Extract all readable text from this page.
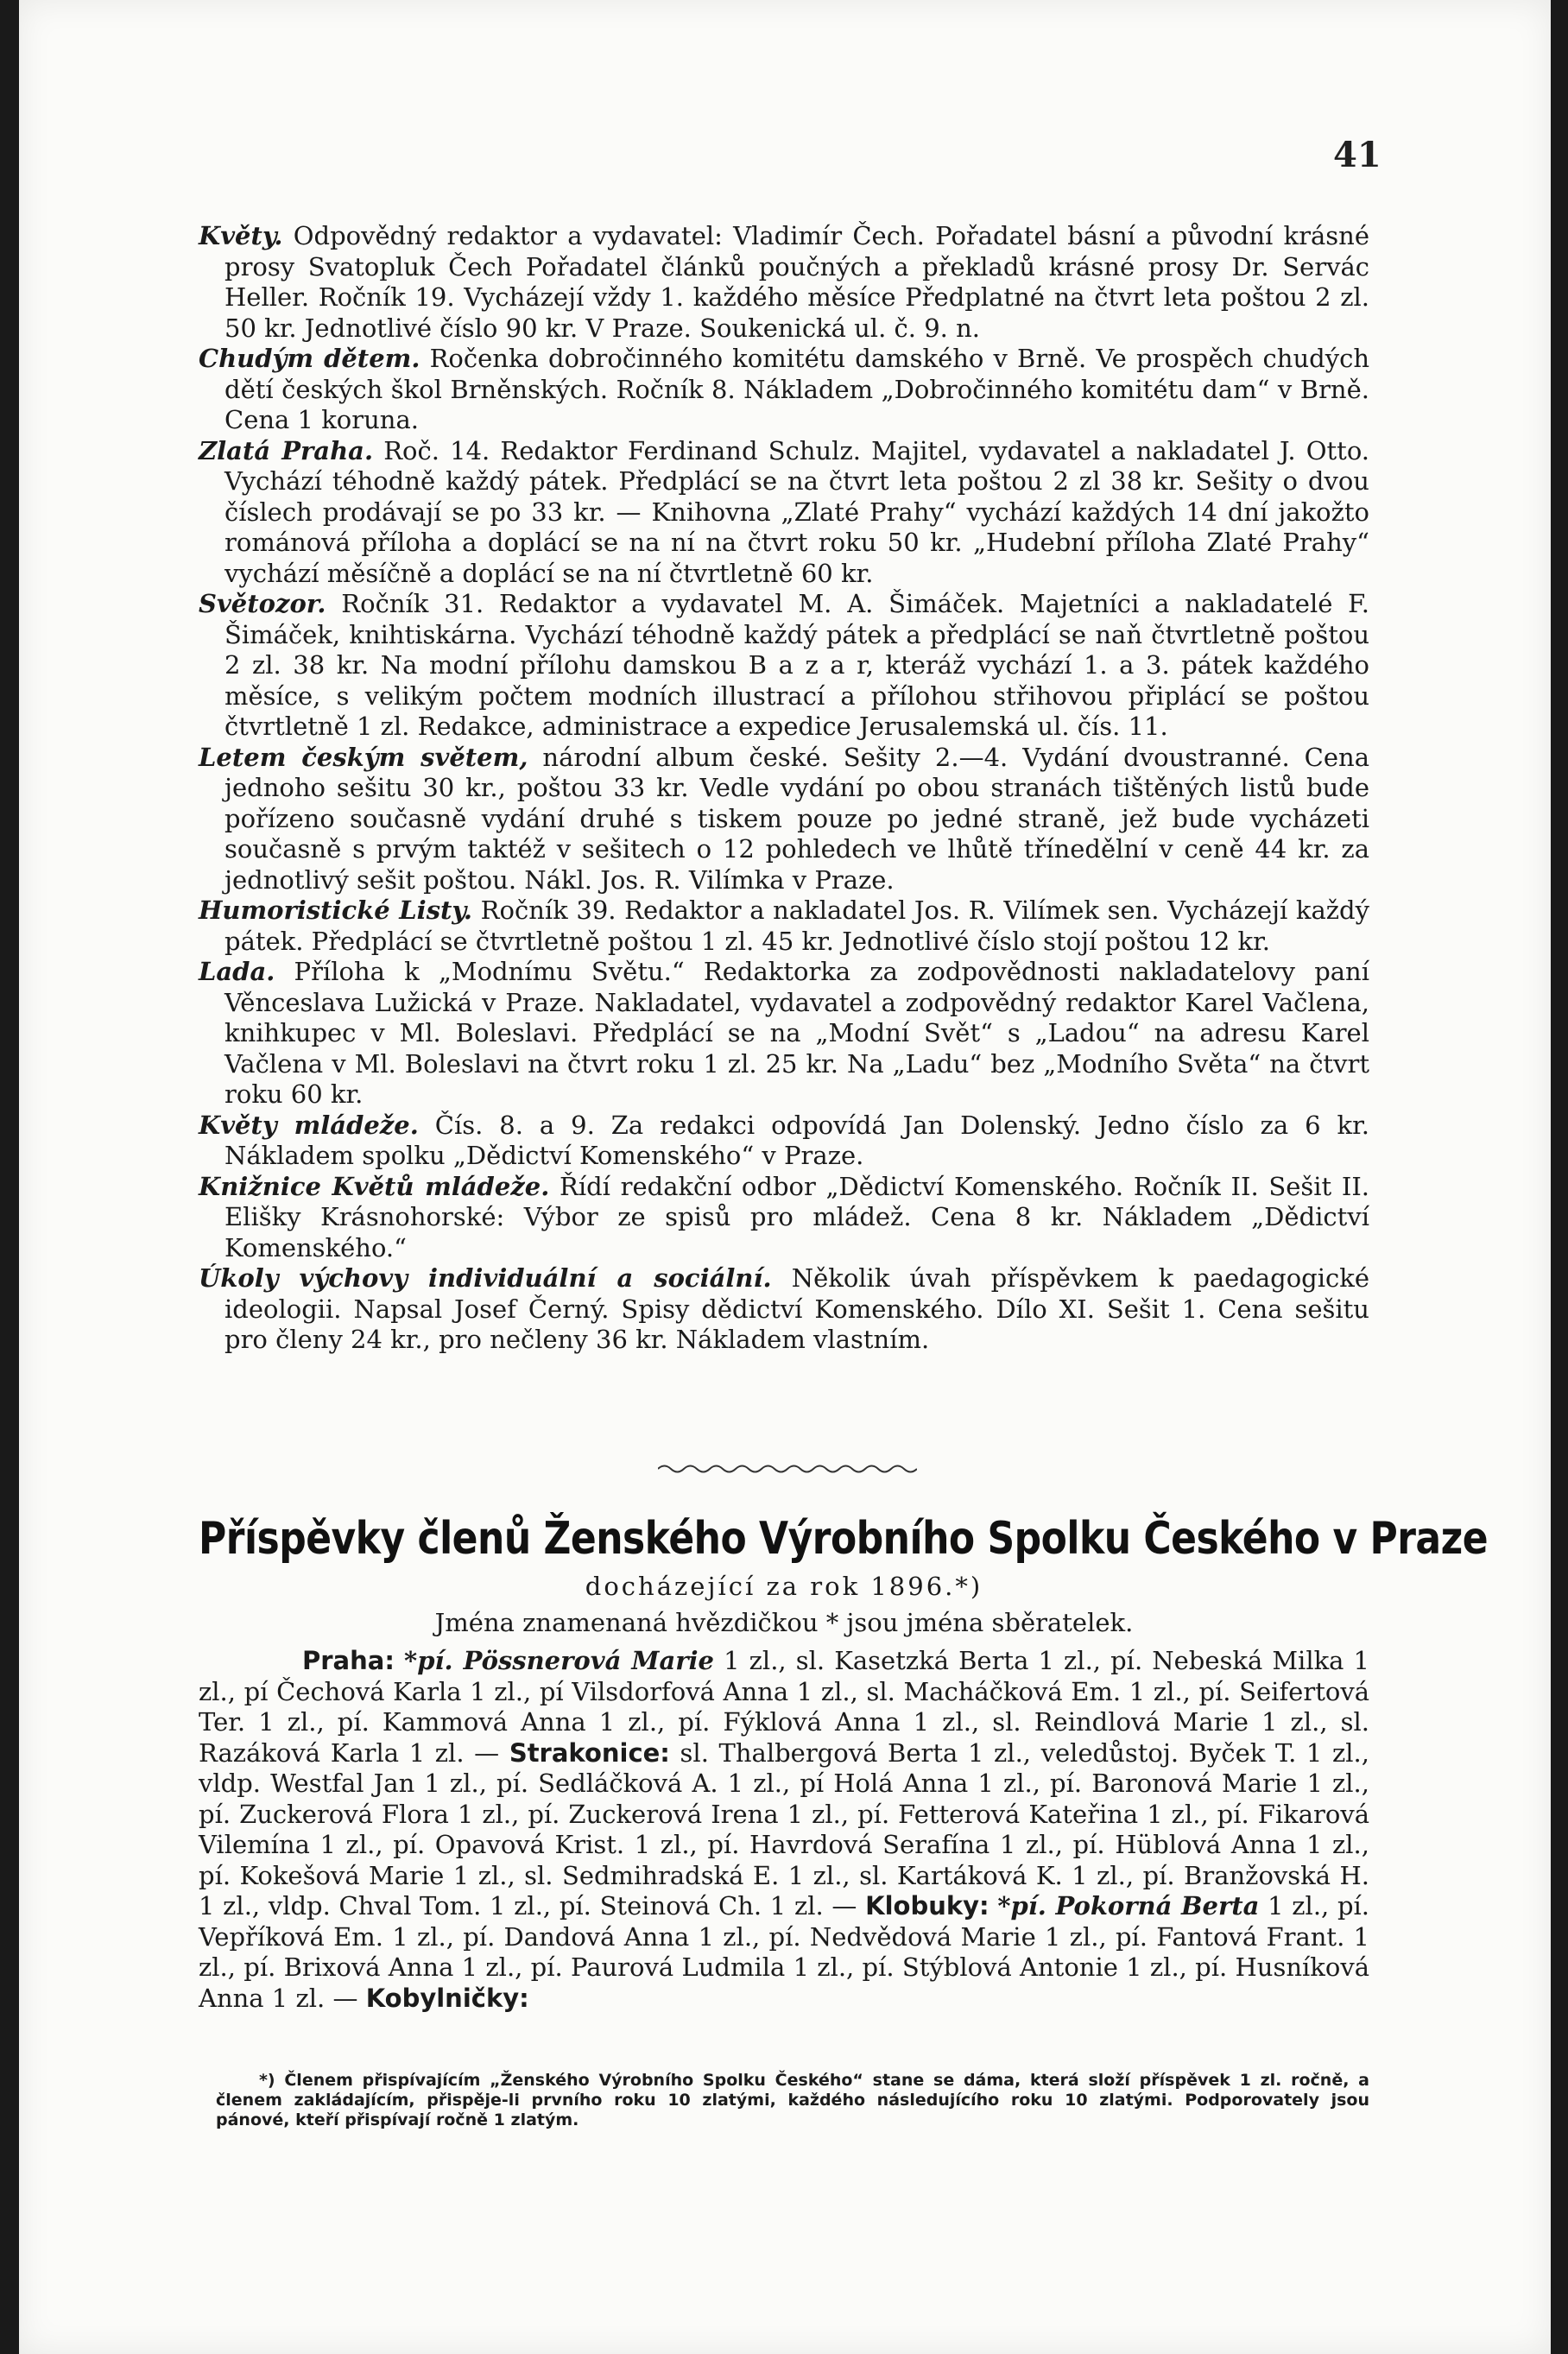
41

Květy. Odpovědný redaktor a vydavatel: Vladimír Čech. Pořadatel básní a původní krásné prosy Svatopluk Čech Pořadatel článků poučných a překladů krásné prosy Dr. Servác Heller. Ročník 19. Vycházejí vždy 1. každého měsíce Předplatné na čtvrt leta poštou 2 zl. 50 kr. Jednotlivé číslo 90 kr. V Praze. Soukenická ul. č. 9. n.

Chudým dětem. Ročenka dobročinného komitétu damského v Brně. Ve prospěch chudých dětí českých škol Brněnských. Ročník 8. Nákladem „Dobročinného komitétu dam“ v Brně. Cena 1 koruna.

Zlatá Praha. Roč. 14. Redaktor Ferdinand Schulz. Majitel, vydavatel a nakladatel J. Otto. Vychází téhodně každý pátek. Předplácí se na čtvrt leta poštou 2 zl 38 kr. Sešity o dvou číslech prodávají se po 33 kr. — Knihovna „Zlaté Prahy“ vychází každých 14 dní jakožto románová příloha a doplácí se na ní na čtvrt roku 50 kr. „Hudební příloha Zlaté Prahy“ vychází měsíčně a doplácí se na ní čtvrtletně 60 kr.

Světozor. Ročník 31. Redaktor a vydavatel M. A. Šimáček. Majetníci a nakladatelé F. Šimáček, knihtiskárna. Vychází téhodně každý pátek a předplácí se naň čtvrtletně poštou 2 zl. 38 kr. Na modní přílohu damskou B a z a r, kteráž vychází 1. a 3. pátek každého měsíce, s velikým počtem modních illustrací a přílohou střihovou připlácí se poštou čtvrtletně 1 zl. Redakce, administrace a expedice Jerusalemská ul. čís. 11.

Letem českým světem, národní album české. Sešity 2.—4. Vydání dvoustranné. Cena jednoho sešitu 30 kr., poštou 33 kr. Vedle vydání po obou stranách tištěných listů bude pořízeno současně vydání druhé s tiskem pouze po jedné straně, jež bude vycházeti současně s prvým taktéž v sešitech o 12 pohledech ve lhůtě třínedělní v ceně 44 kr. za jednotlivý sešit poštou. Nákl. Jos. R. Vilímka v Praze.

Humoristické Listy. Ročník 39. Redaktor a nakladatel Jos. R. Vilímek sen. Vycházejí každý pátek. Předplácí se čtvrtletně poštou 1 zl. 45 kr. Jednotlivé číslo stojí poštou 12 kr.

Lada. Příloha k „Modnímu Světu.“ Redaktorka za zodpovědnosti nakladatelovy paní Věnceslava Lužická v Praze. Nakladatel, vydavatel a zodpovědný redaktor Karel Vačlena, knihkupec v Ml. Boleslavi. Předplácí se na „Modní Svět“ s „Ladou“ na adresu Karel Vačlena v Ml. Boleslavi na čtvrt roku 1 zl. 25 kr. Na „Ladu“ bez „Modního Světa“ na čtvrt roku 60 kr.

Květy mládeže. Čís. 8. a 9. Za redakci odpovídá Jan Dolenský. Jedno číslo za 6 kr. Nákladem spolku „Dědictví Komenského“ v Praze.

Knižnice Květů mládeže. Řídí redakční odbor „Dědictví Komenského. Ročník II. Sešit II. Elišky Krásnohorské: Výbor ze spisů pro mládež. Cena 8 kr. Nákladem „Dědictví Komenského.“

Úkoly výchovy individuální a sociální. Několik úvah příspěvkem k paedagogické ideologii. Napsal Josef Černý. Spisy dědictví Komenského. Dílo XI. Sešit 1. Cena sešitu pro členy 24 kr., pro nečleny 36 kr. Nákladem vlastním.

Příspěvky členů Ženského Výrobního Spolku Českého v Praze
docházející za rok 1896.*)
Jména znamenaná hvězdičkou * jsou jména sběratelek.

Praha: *pí. Pössnerová Marie 1 zl., sl. Kasetzká Berta 1 zl., pí. Nebeská Milka 1 zl., pí Čechová Karla 1 zl., pí Vilsdorfová Anna 1 zl., sl. Macháčková Em. 1 zl., pí. Seifertová Ter. 1 zl., pí. Kammová Anna 1 zl., pí. Fýklová Anna 1 zl., sl. Reindlová Marie 1 zl., sl. Razáková Karla 1 zl. — Strakonice: sl. Thalbergová Berta 1 zl., veledůstoj. Byček T. 1 zl., vldp. Westfal Jan 1 zl., pí. Sedláčková A. 1 zl., pí Holá Anna 1 zl., pí. Baronová Marie 1 zl., pí. Zuckerová Flora 1 zl., pí. Zuckerová Irena 1 zl., pí. Fetterová Kateřina 1 zl., pí. Fikarová Vilemína 1 zl., pí. Opavová Krist. 1 zl., pí. Havrdová Serafína 1 zl., pí. Hüblová Anna 1 zl., pí. Kokešová Marie 1 zl., sl. Sedmihradská E. 1 zl., sl. Kartáková K. 1 zl., pí. Branžovská H. 1 zl., vldp. Chval Tom. 1 zl., pí. Steinová Ch. 1 zl. — Klobuky: *pí. Pokorná Berta 1 zl., pí. Vepříková Em. 1 zl., pí. Dandová Anna 1 zl., pí. Nedvědová Marie 1 zl., pí. Fantová Frant. 1 zl., pí. Brixová Anna 1 zl., pí. Paurová Ludmila 1 zl., pí. Stýblová Antonie 1 zl., pí. Husníková Anna 1 zl. — Kobylničky:

*) Členem přispívajícím „Ženského Výrobního Spolku Českého“ stane se dáma, která složí příspěvek 1 zl. ročně, a členem zakládajícím, přispěje-li prvního roku 10 zlatými, každého následujícího roku 10 zlatými. Podporovately jsou pánové, kteří přispívají ročně 1 zlatým.
